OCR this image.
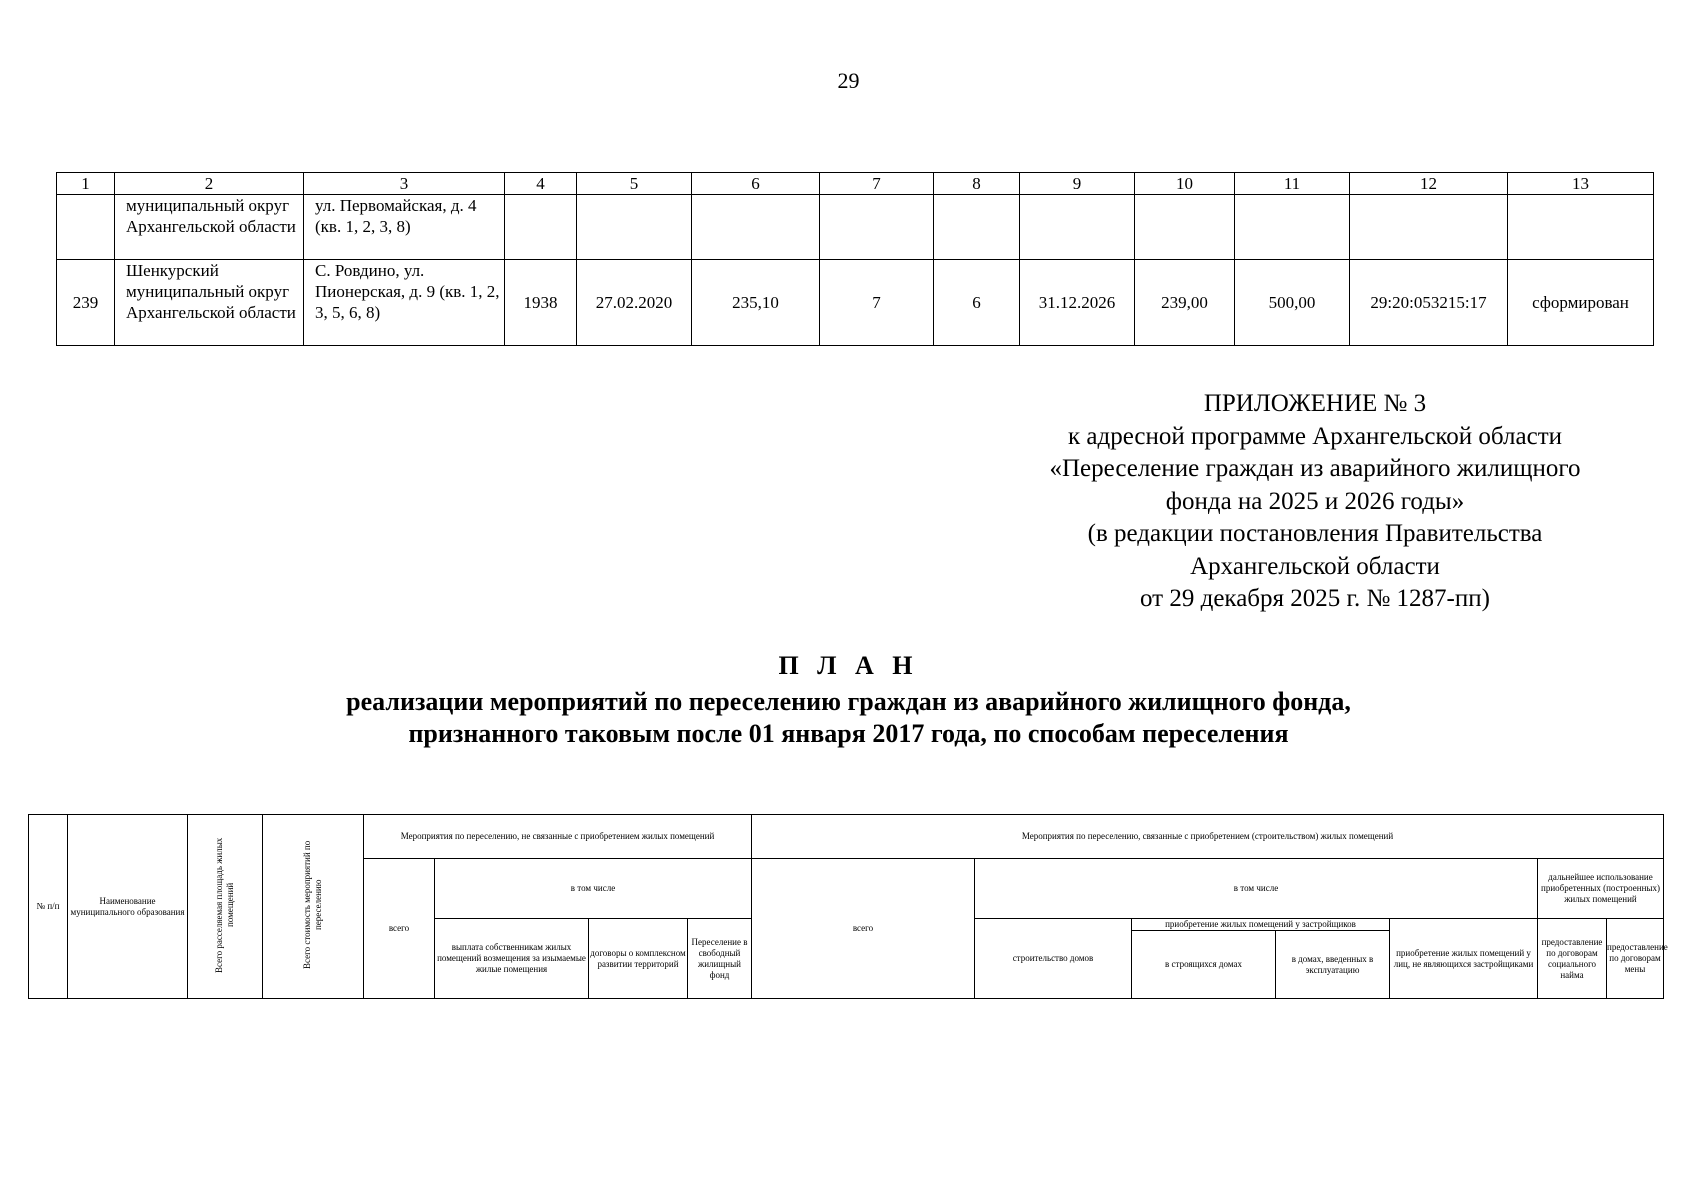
29
1	2	3	4	5	6	7	8	9	10	11	12	13
	муниципальный округ Архангельской области	ул. Первомайская, д. 4 (кв. 1, 2, 3, 8)										
239	Шенкурский муниципальный округ Архангельской области	С. Ровдино, ул. Пионерская, д. 9 (кв. 1, 2, 3, 5, 6, 8)	1938	27.02.2020	235,10	7	6	31.12.2026	239,00	500,00	29:20:053215:17	сформирован
ПРИЛОЖЕНИЕ № 3
к адресной программе Архангельской области
«Переселение граждан из аварийного жилищного
фонда на 2025 и 2026 годы»
(в редакции постановления Правительства
Архангельской области
от 29 декабря 2025 г. № 1287-пп)
П Л А Н
реализации мероприятий по переселению граждан из аварийного жилищного фонда,
признанного таковым после 01 января 2017 года, по способам переселения
№ п/п	Наименование муниципального образования	Всего расселяемая площадь жилых помещений	Всего стоимость мероприятий по переселению	Мероприятия по переселению, не связанные с приобретением жилых помещений				Мероприятия по переселению, связанные с приобретением (строительством) жилых помещений						
				всего	в том числе			всего	в том числе				дальнейшее использование приобретенных (построенных) жилых помещений	
					выплата собственникам жилых помещений возмещения за изымаемые жилые помещения	договоры о комплексном развитии территорий	Переселение в свободный жилищный фонд		строительство домов	приобретение жилых помещений у застройщиков		приобретение жилых помещений у лиц, не являющихся застройщиками	предоставление по договорам социального найма	предоставление по договорам мены
										в строящихся домах	в домах, введенных в эксплуатацию			
